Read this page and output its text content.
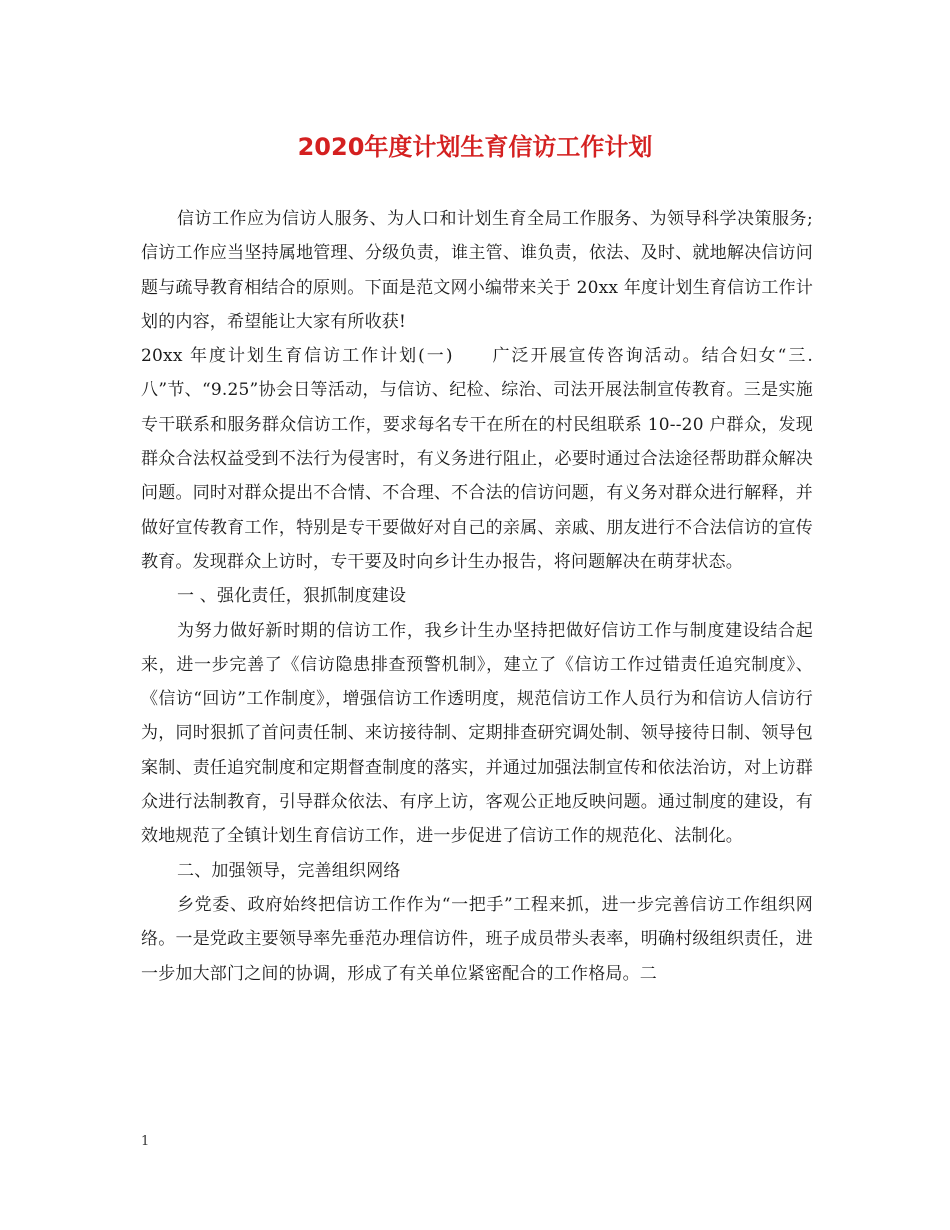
2020年度计划生育信访工作计划

信访工作应为信访人服务、为人口和计划生育全局工作服务、为领导科学决策服务;信访工作应当坚持属地管理、分级负责，谁主管、谁负责，依法、及时、就地解决信访问题与疏导教育相结合的原则。下面是范文网小编带来关于 20xx 年度计划生育信访工作计划的内容，希望能让大家有所收获!

20xx 年度计划生育信访工作计划(一)　　广泛开展宣传咨询活动。结合妇女“三.八”节、“9.25”协会日等活动，与信访、纪检、综治、司法开展法制宣传教育。三是实施专干联系和服务群众信访工作，要求每名专干在所在的村民组联系 10--20 户群众，发现群众合法权益受到不法行为侵害时，有义务进行阻止，必要时通过合法途径帮助群众解决问题。同时对群众提出不合情、不合理、不合法的信访问题，有义务对群众进行解释，并做好宣传教育工作，特别是专干要做好对自己的亲属、亲戚、朋友进行不合法信访的宣传教育。发现群众上访时，专干要及时向乡计生办报告，将问题解决在萌芽状态。

一 、强化责任，狠抓制度建设

为努力做好新时期的信访工作，我乡计生办坚持把做好信访工作与制度建设结合起来，进一步完善了《信访隐患排查预警机制》，建立了《信访工作过错责任追究制度》、《信访“回访”工作制度》，增强信访工作透明度，规范信访工作人员行为和信访人信访行为，同时狠抓了首问责任制、来访接待制、定期排查研究调处制、领导接待日制、领导包案制、责任追究制度和定期督查制度的落实，并通过加强法制宣传和依法治访，对上访群众进行法制教育，引导群众依法、有序上访，客观公正地反映问题。通过制度的建设，有效地规范了全镇计划生育信访工作，进一步促进了信访工作的规范化、法制化。

二、加强领导，完善组织网络

乡党委、政府始终把信访工作作为“一把手”工程来抓，进一步完善信访工作组织网络。一是党政主要领导率先垂范办理信访件，班子成员带头表率，明确村级组织责任，进一步加大部门之间的协调，形成了有关单位紧密配合的工作格局。二

1
